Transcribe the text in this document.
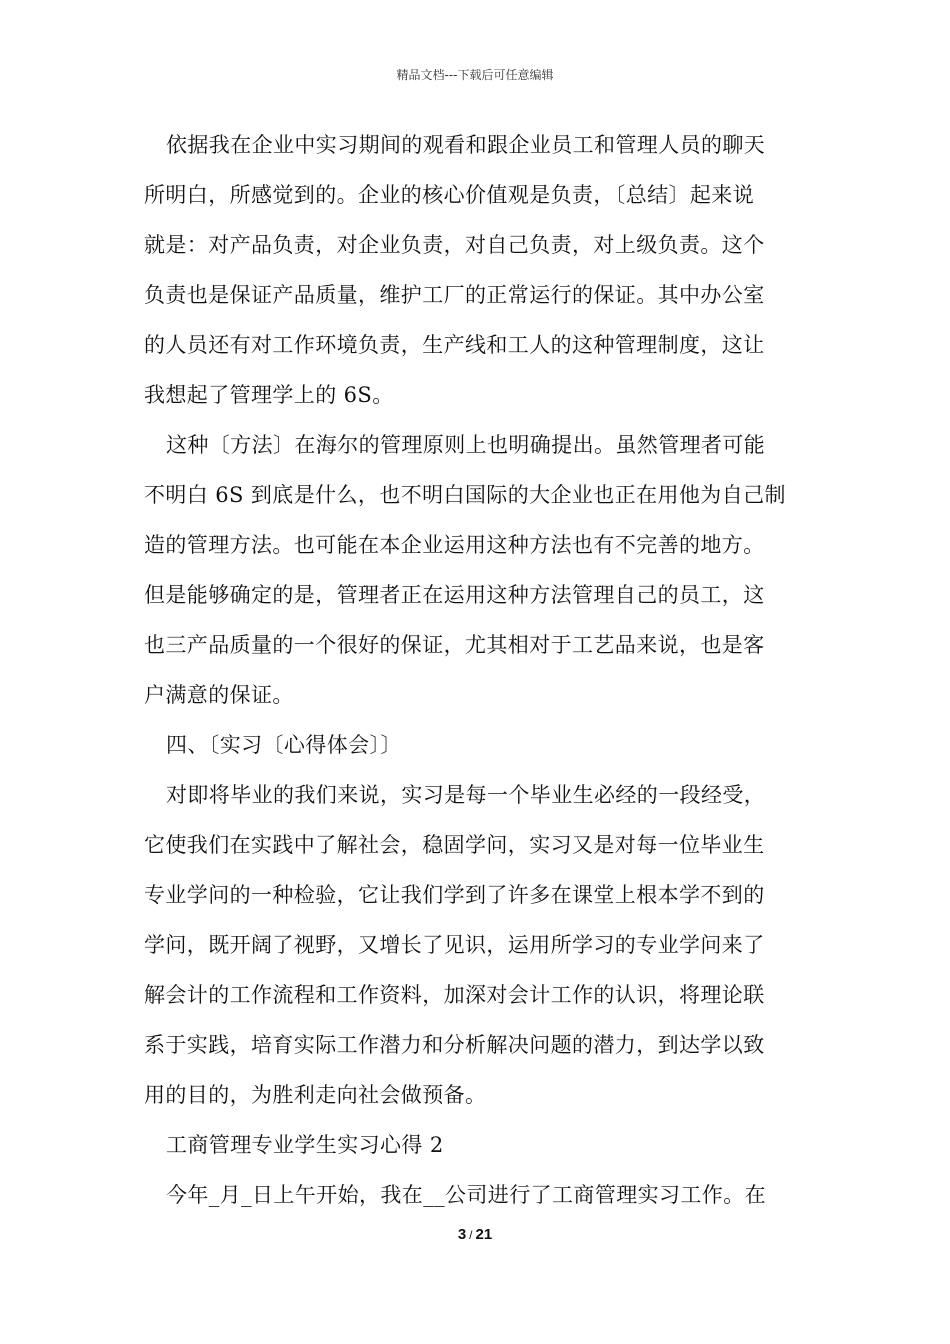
精品文档---下载后可任意编辑
依据我在企业中实习期间的观看和跟企业员工和管理人员的聊天
所明白，所感觉到的。企业的核心价值观是负责，〔总结〕起来说
就是：对产品负责，对企业负责，对自己负责，对上级负责。这个
负责也是保证产品质量，维护工厂的正常运行的保证。其中办公室
的人员还有对工作环境负责，生产线和工人的这种管理制度，这让
我想起了管理学上的 6S。
这种〔方法〕在海尔的管理原则上也明确提出。虽然管理者可能
不明白 6S 到底是什么，也不明白国际的大企业也正在用他为自己制
造的管理方法。也可能在本企业运用这种方法也有不完善的地方。
但是能够确定的是，管理者正在运用这种方法管理自己的员工，这
也三产品质量的一个很好的保证，尤其相对于工艺品来说，也是客
户满意的保证。
四、〔实习〔心得体会〕〕
对即将毕业的我们来说，实习是每一个毕业生必经的一段经受，
它使我们在实践中了解社会，稳固学问，实习又是对每一位毕业生
专业学问的一种检验，它让我们学到了许多在课堂上根本学不到的
学问，既开阔了视野，又增长了见识，运用所学习的专业学问来了
解会计的工作流程和工作资料，加深对会计工作的认识，将理论联
系于实践，培育实际工作潜力和分析解决问题的潜力，到达学以致
用的目的，为胜利走向社会做预备。
工商管理专业学生实习心得 2
今年_月_日上午开始，我在__公司进行了工商管理实习工作。在
3 / 21
